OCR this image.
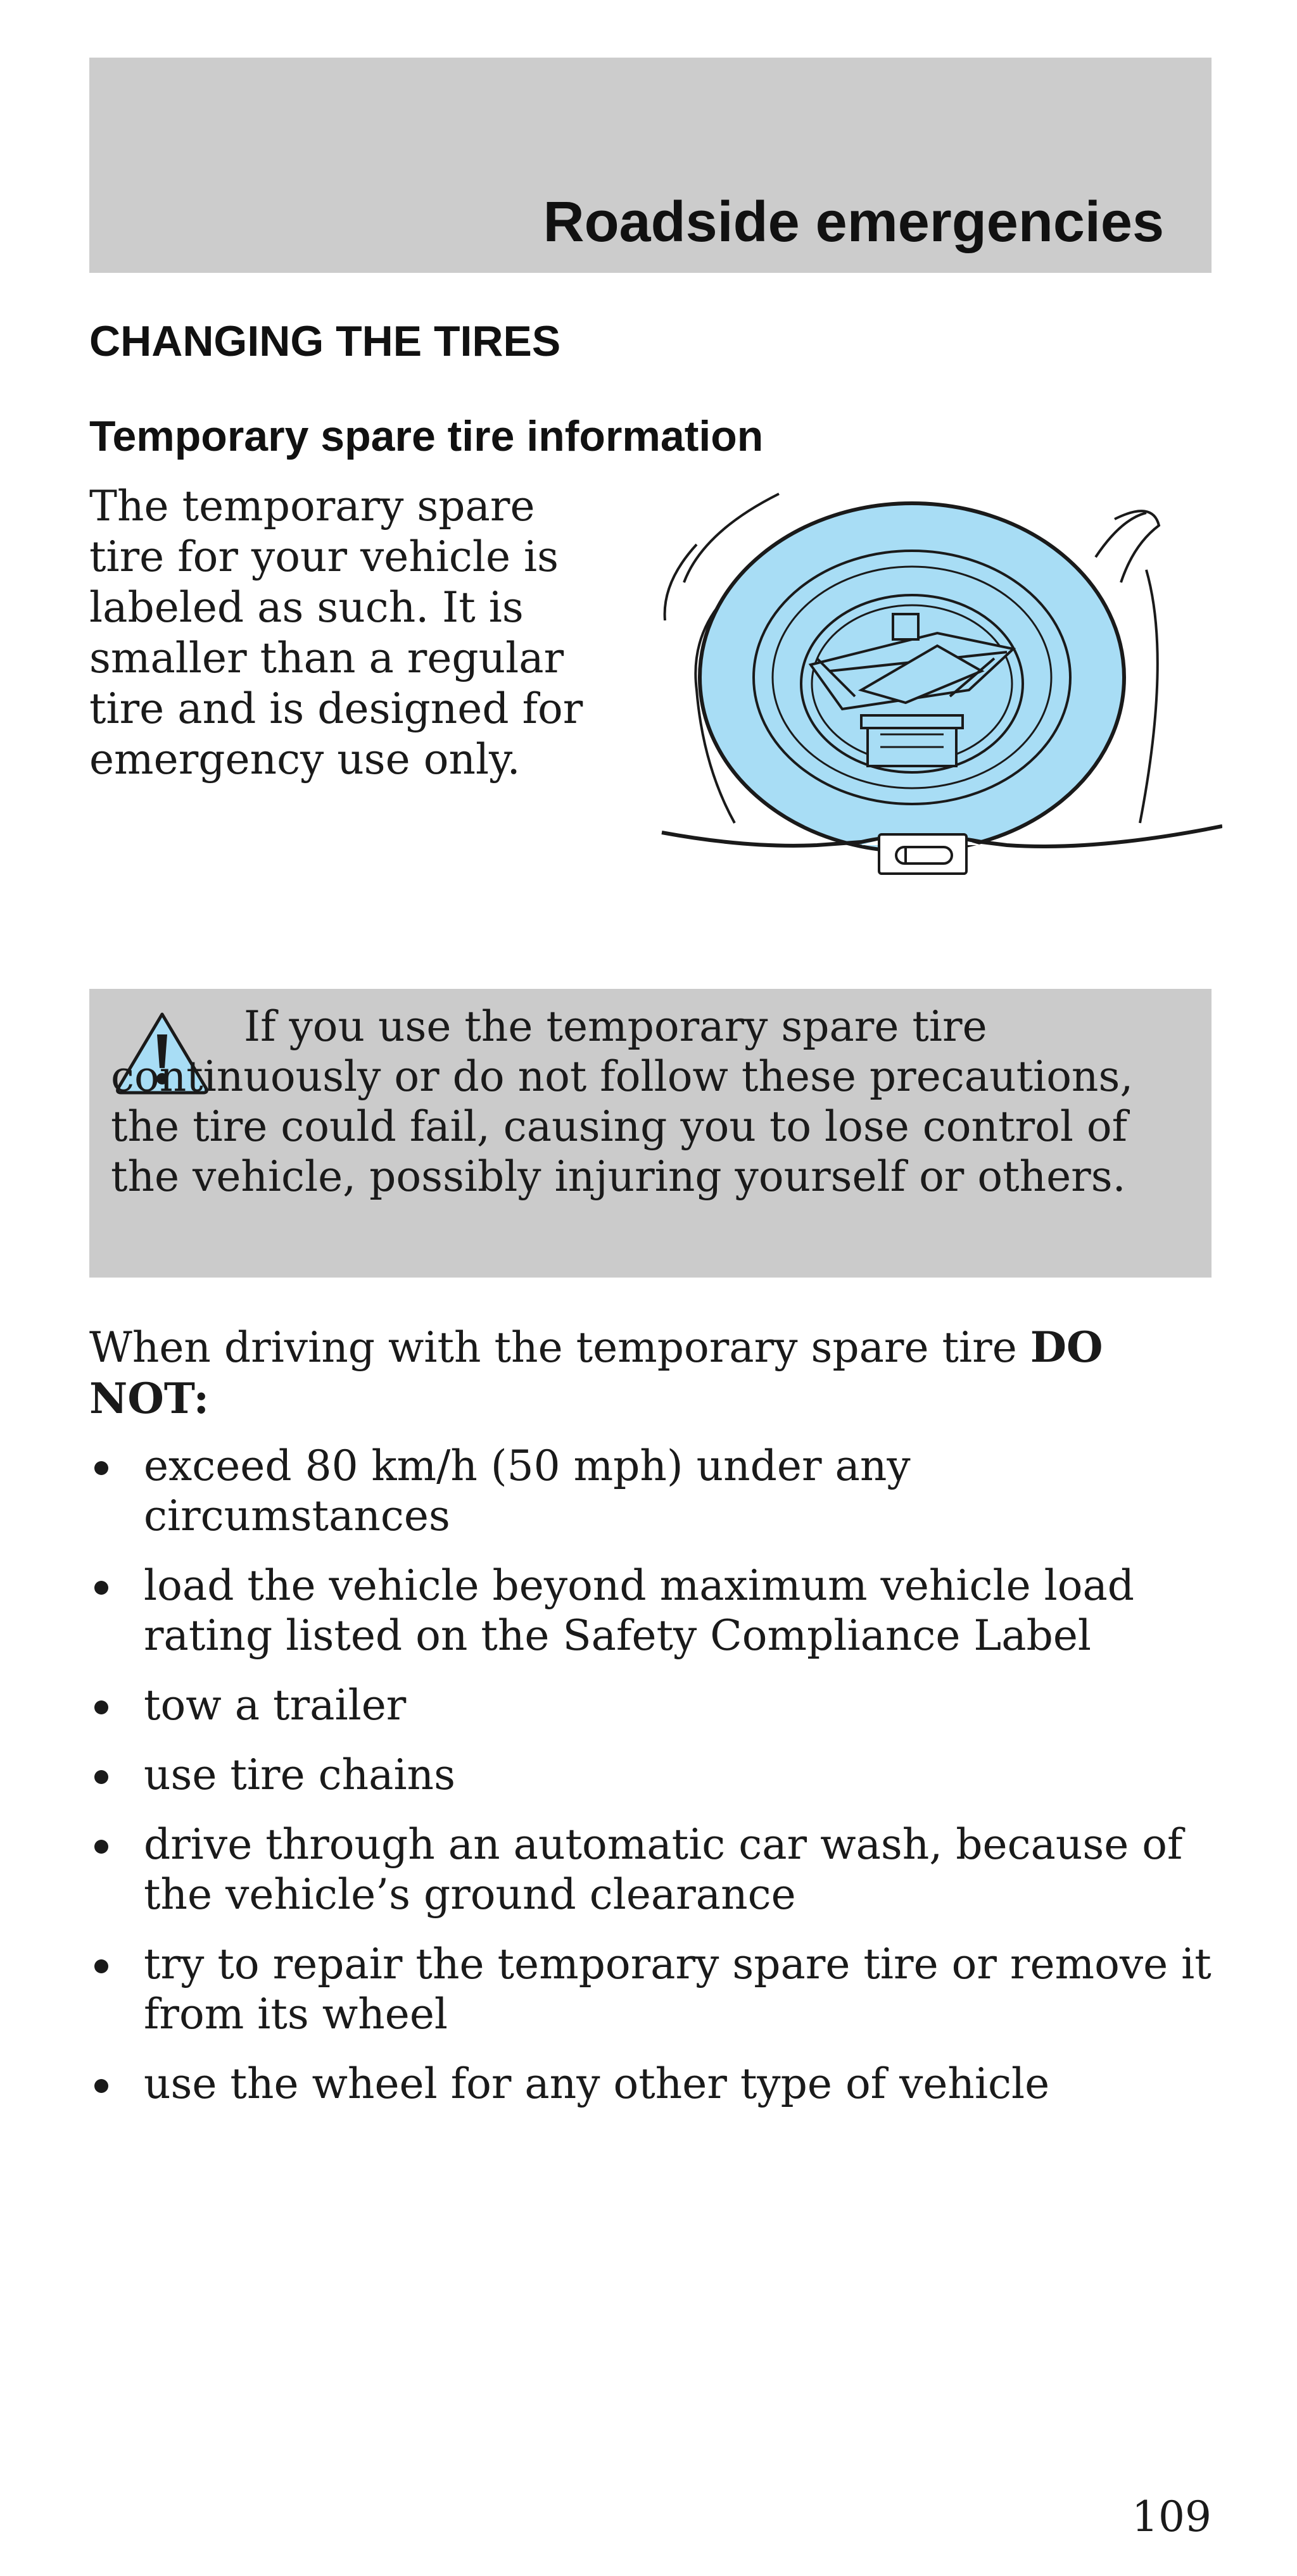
Roadside emergencies
CHANGING THE TIRES
Temporary spare tire information

The temporary spare tire for your vehicle is labeled as such. It is smaller than a regular tire and is designed for emergency use only.

If you use the temporary spare tire continuously or do not follow these precautions, the tire could fail, causing you to lose control of the vehicle, possibly injuring yourself or others.

When driving with the temporary spare tire DO NOT:

exceed 80 km/h (50 mph) under any circumstances
load the vehicle beyond maximum vehicle load rating listed on the Safety Compliance Label
tow a trailer
use tire chains
drive through an automatic car wash, because of the vehicle’s ground clearance
try to repair the temporary spare tire or remove it from its wheel
use the wheel for any other type of vehicle

109
